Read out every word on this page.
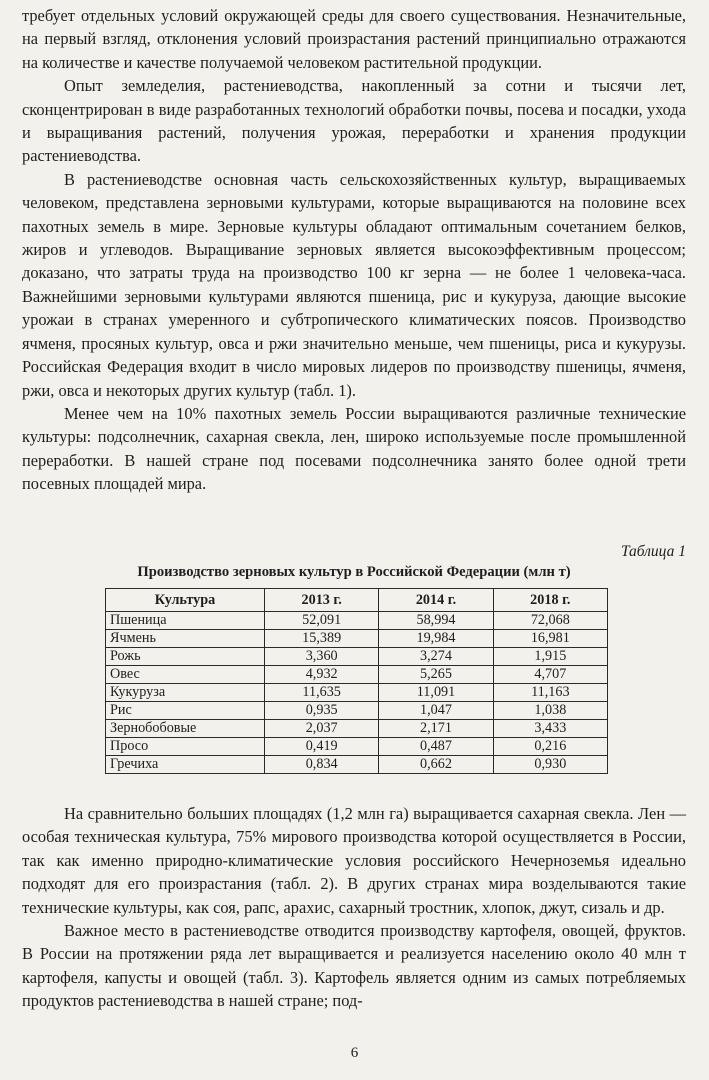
требует отдельных условий окружающей среды для своего существования. Незначительные, на первый взгляд, отклонения условий произрастания растений принципиально отражаются на количестве и качестве получаемой человеком растительной продукции.

Опыт земледелия, растениеводства, накопленный за сотни и тысячи лет, сконцентрирован в виде разработанных технологий обработки почвы, посева и посадки, ухода и выращивания растений, получения урожая, переработки и хранения продукции растениеводства.

В растениеводстве основная часть сельскохозяйственных культур, выращиваемых человеком, представлена зерновыми культурами, которые выращиваются на половине всех пахотных земель в мире. Зерновые культуры обладают оптимальным сочетанием белков, жиров и углеводов. Выращивание зерновых является высокоэффективным процессом; доказано, что затраты труда на производство 100 кг зерна — не более 1 человека-часа. Важнейшими зерновыми культурами являются пшеница, рис и кукуруза, дающие высокие урожаи в странах умеренного и субтропического климатических поясов. Производство ячменя, просяных культур, овса и ржи значительно меньше, чем пшеницы, риса и кукурузы. Российская Федерация входит в число мировых лидеров по производству пшеницы, ячменя, ржи, овса и некоторых других культур (табл. 1).

Менее чем на 10% пахотных земель России выращиваются различные технические культуры: подсолнечник, сахарная свекла, лен, широко используемые после промышленной переработки. В нашей стране под посевами подсолнечника занято более одной трети посевных площадей мира.

Таблица 1

Производство зерновых культур в Российской Федерации (млн т)

Культура	2013 г.	2014 г.	2018 г.
Пшеница	52,091	58,994	72,068
Ячмень	15,389	19,984	16,981
Рожь	3,360	3,274	1,915
Овес	4,932	5,265	4,707
Кукуруза	11,635	11,091	11,163
Рис	0,935	1,047	1,038
Зернобобовые	2,037	2,171	3,433
Просо	0,419	0,487	0,216
Гречиха	0,834	0,662	0,930

На сравнительно больших площадях (1,2 млн га) выращивается сахарная свекла. Лен — особая техническая культура, 75% мирового производства которой осуществляется в России, так как именно природно-климатические условия российского Нечерноземья идеально подходят для его произрастания (табл. 2). В других странах мира возделываются такие технические культуры, как соя, рапс, арахис, сахарный тростник, хлопок, джут, сизаль и др.

Важное место в растениеводстве отводится производству картофеля, овощей, фруктов. В России на протяжении ряда лет выращивается и реализуется населению около 40 млн т картофеля, капусты и овощей (табл. 3). Картофель является одним из самых потребляемых продуктов растениеводства в нашей стране; под-

6
